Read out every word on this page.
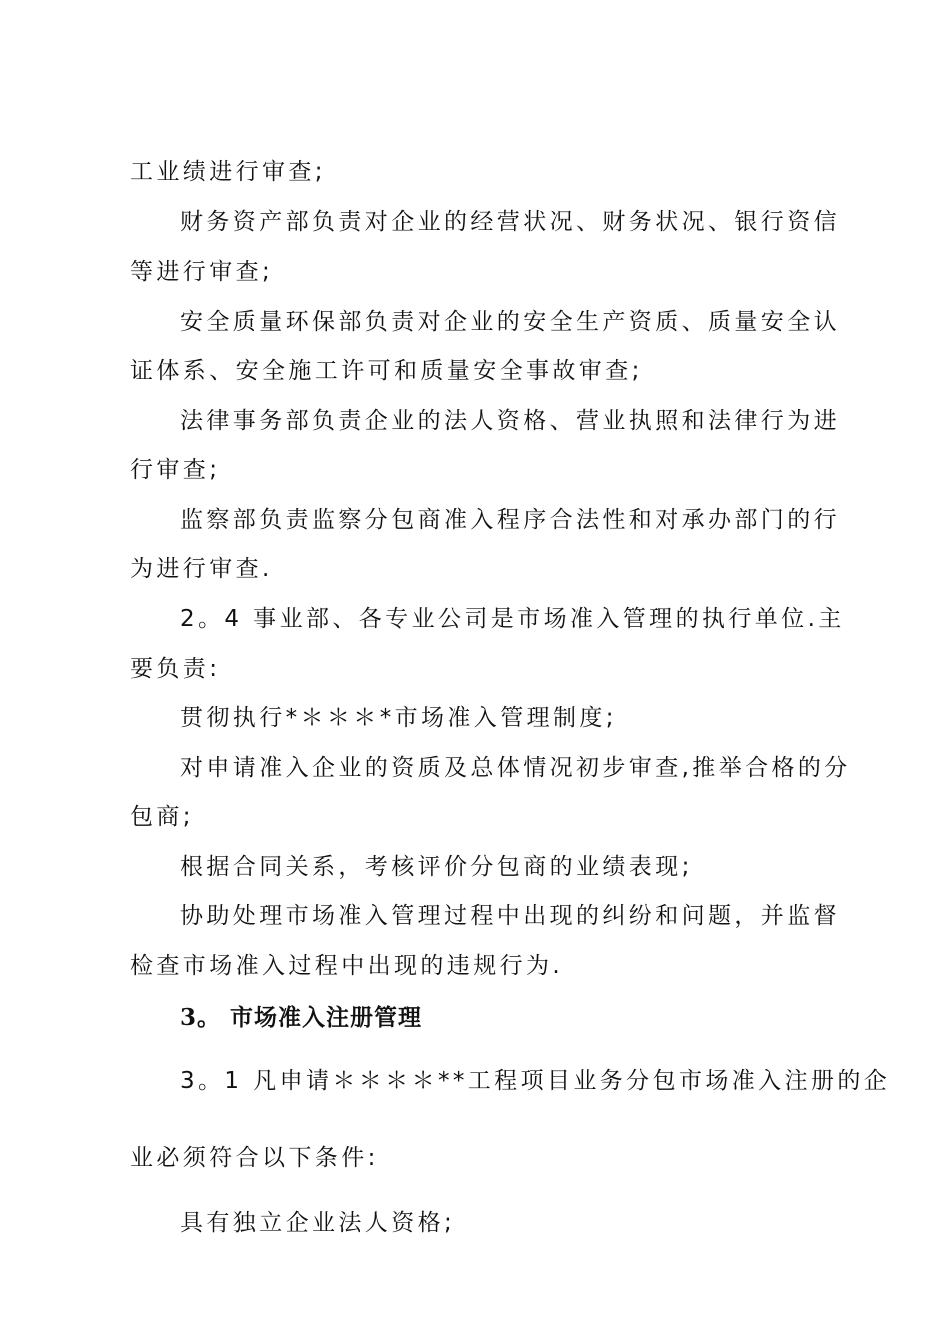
工业绩进行审查;
财务资产部负责对企业的经营状况、财务状况、银行资信
等进行审查;
安全质量环保部负责对企业的安全生产资质、质量安全认
证体系、安全施工许可和质量安全事故审查;
法律事务部负责企业的法人资格、营业执照和法律行为进
行审查;
监察部负责监察分包商准入程序合法性和对承办部门的行
为进行审查.
2。4 事业部、各专业公司是市场准入管理的执行单位.主
要负责:
贯彻执行*＊＊＊*市场准入管理制度;
对申请准入企业的资质及总体情况初步审查,推举合格的分
包商;
根据合同关系，考核评价分包商的业绩表现;
协助处理市场准入管理过程中出现的纠纷和问题，并监督
检查市场准入过程中出现的违规行为.
3。 市场准入注册管理
3。1 凡申请＊＊＊＊**工程项目业务分包市场准入注册的企
业必须符合以下条件:
具有独立企业法人资格;
